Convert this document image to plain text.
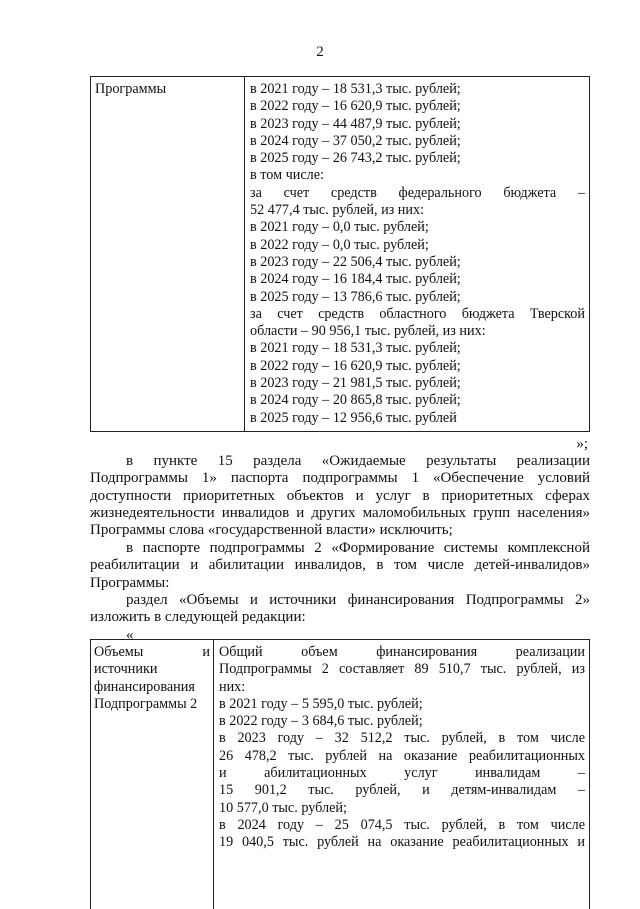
2
Программы	в 2021 году – 18 531,3 тыс. рублей;
в 2022 году – 16 620,9 тыс. рублей;
в 2023 году – 44 487,9 тыс. рублей;
в 2024 году – 37 050,2 тыс. рублей;
в 2025 году – 26 743,2 тыс. рублей;
в том числе:
за счет средств федерального бюджета –
52 477,4 тыс. рублей, из них:
в 2021 году – 0,0 тыс. рублей;
в 2022 году – 0,0 тыс. рублей;
в 2023 году – 22 506,4 тыс. рублей;
в 2024 году – 16 184,4 тыс. рублей;
в 2025 году – 13 786,6 тыс. рублей;
за счет средств областного бюджета Тверской
области – 90 956,1 тыс. рублей, из них:
в 2021 году – 18 531,3 тыс. рублей;
в 2022 году – 16 620,9 тыс. рублей;
в 2023 году – 21 981,5 тыс. рублей;
в 2024 году – 20 865,8 тыс. рублей;
в 2025 году – 12 956,6 тыс. рублей
»;
в пункте 15 раздела «Ожидаемые результаты реализации
Подпрограммы 1» паспорта подпрограммы 1 «Обеспечение условий
доступности приоритетных объектов и услуг в приоритетных сферах
жизнедеятельности инвалидов и других маломобильных групп населения»
Программы слова «государственной власти» исключить;
в паспорте подпрограммы 2 «Формирование системы комплексной
реабилитации и абилитации инвалидов, в том числе детей-инвалидов»
Программы:
раздел «Объемы и источники финансирования Подпрограммы 2»
изложить в следующей редакции:
«
Объемы и
источники
финансирования
Подпрограммы 2
Общий объем финансирования реализации
Подпрограммы 2 составляет 89 510,7 тыс. рублей, из
них:
в 2021 году – 5 595,0 тыс. рублей;
в 2022 году – 3 684,6 тыс. рублей;
в 2023 году – 32 512,2 тыс. рублей, в том числе
26 478,2 тыс. рублей на оказание реабилитационных
и абилитационных услуг инвалидам –
15 901,2 тыс. рублей, и детям-инвалидам –
10 577,0 тыс. рублей;
в 2024 году – 25 074,5 тыс. рублей, в том числе
19 040,5 тыс. рублей на оказание реабилитационных и
